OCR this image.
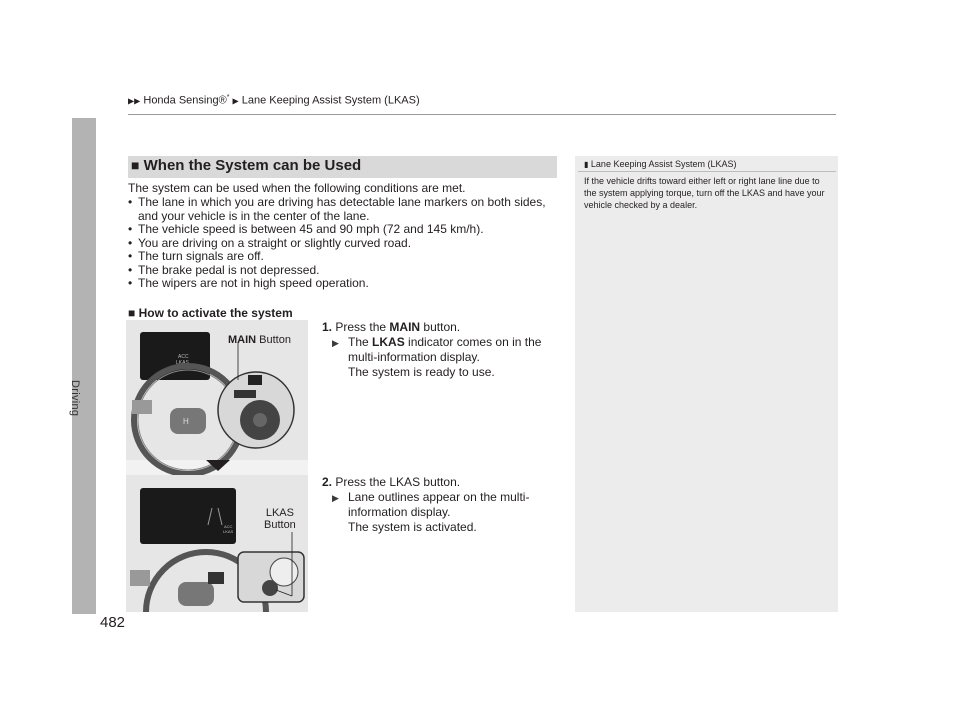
▶▶ Honda Sensing®* ▶ Lane Keeping Assist System (LKAS)
Driving
482
■ When the System can be Used
The system can be used when the following conditions are met.
• The lane in which you are driving has detectable lane markers on both sides, and your vehicle is in the center of the lane.
• The vehicle speed is between 45 and 90 mph (72 and 145 km/h).
• You are driving on a straight or slightly curved road.
• The turn signals are off.
• The brake pedal is not depressed.
• The wipers are not in high speed operation.
■ How to activate the system
ACC
LKAS
H
ACC
LKAS
MAIN Button
LKAS
Button
1. Press the MAIN button.
▶ The LKAS indicator comes on in the multi-information display.
The system is ready to use.
2. Press the LKAS button.
▶ Lane outlines appear on the multi-information display.
The system is activated.
▮ Lane Keeping Assist System (LKAS)
If the vehicle drifts toward either left or right lane line due to the system applying torque, turn off the LKAS and have your vehicle checked by a dealer.
